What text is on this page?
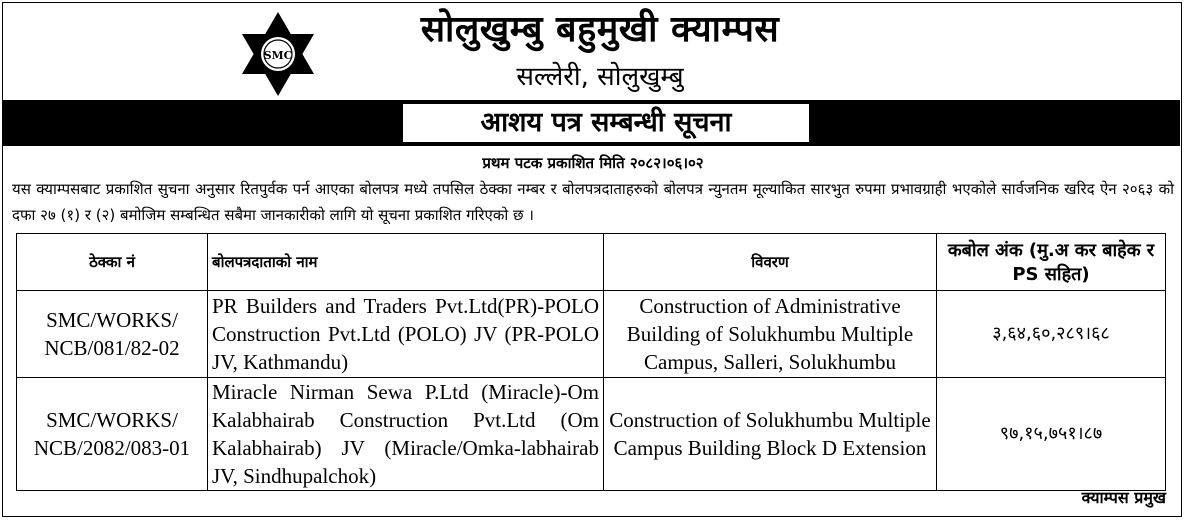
SMC
सोलुखुम्बु बहुमुखी क्याम्पस
सल्लेरी, सोलुखुम्बु
आशय पत्र सम्बन्धी सूचना
प्रथम पटक प्रकाशित मिति २०८२।०६।०२
यस क्याम्पसबाट प्रकाशित सुचना अनुसार रितपुर्वक पर्न आएका बोलपत्र मध्ये तपसिल ठेक्का नम्बर र बोलपत्रदाताहरुको बोलपत्र न्युनतम मूल्याकित सारभुत रुपमा प्रभावग्राही भएकोले सार्वजनिक खरिद ऐन २०६३ को दफा २७ (१) र (२) बमोजिम सम्बन्धित सबैमा जानकारीको लागि यो सूचना प्रकाशित गरिएको छ ।
ठेक्का नं	बोलपत्रदाताको नाम	विवरण	कबोल अंक (मु.अ कर बाहेक र PS सहित)
SMC/WORKS/ NCB/081/82-02	PR Builders and Traders Pvt.Ltd(PR)-POLO Construction Pvt.Ltd (POLO) JV (PR-POLO JV, Kathmandu)	Construction of Administrative Building of Solukhumbu Multiple Campus, Salleri, Solukhumbu	३,६४,६०,२८९।६८
SMC/WORKS/ NCB/2082/083-01	Miracle Nirman Sewa P.Ltd (Miracle)-Om Kalabhairab Construction Pvt.Ltd (Om Kalabhairab) JV (Miracle/Omka-labhairab JV, Sindhupalchok)	Construction of Solukhumbu Multiple Campus Building Block D Extension	९७,१५,७५१।८७
क्याम्पस प्रमुख
